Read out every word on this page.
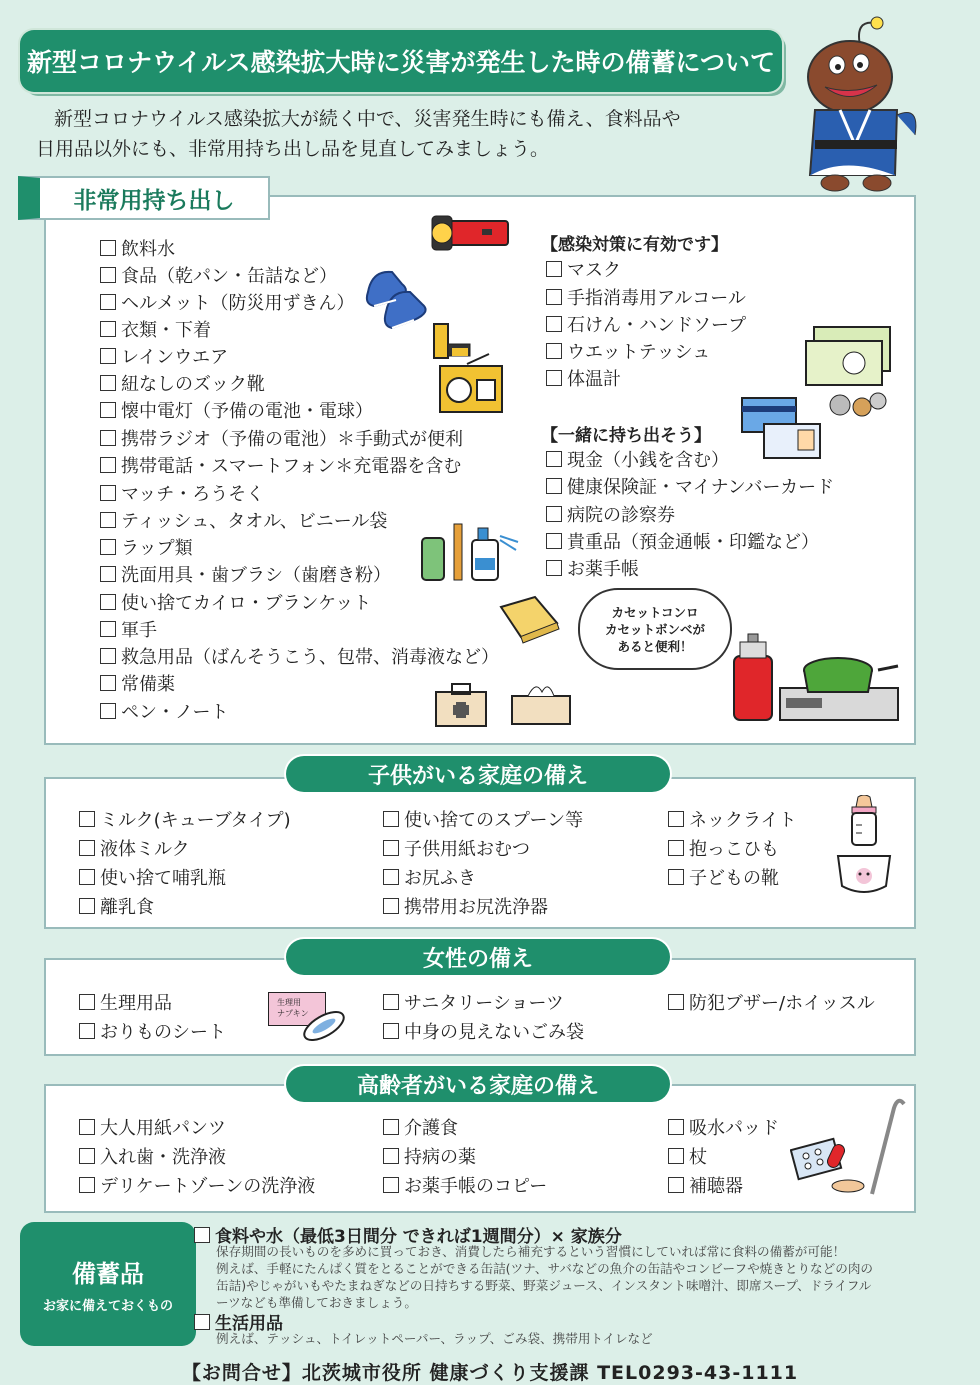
新型コロナウイルス感染拡大時に災害が発生した時の備蓄について
新型コロナウイルス感染拡大が続く中で、災害発生時にも備え、食料品や
日用品以外にも、非常用持ち出し品を見直してみましょう。
非常用持ち出し
飲料水
食品（乾パン・缶詰など）
ヘルメット（防災用ずきん）
衣類・下着
レインウエア
紐なしのズック靴
懐中電灯（予備の電池・電球）
携帯ラジオ（予備の電池）＊手動式が便利
携帯電話・スマートフォン＊充電器を含む
マッチ・ろうそく
ティッシュ、タオル、ビニール袋
ラップ類
洗面用具・歯ブラシ（歯磨き粉）
使い捨てカイロ・ブランケット
軍手
救急用品（ばんそうこう、包帯、消毒液など）
常備薬
ペン・ノート
【感染対策に有効です】
マスク
手指消毒用アルコール
石けん・ハンドソープ
ウエットテッシュ
体温計
【一緒に持ち出そう】
現金（小銭を含む）
健康保険証・マイナンバーカード
病院の診察券
貴重品（預金通帳・印鑑など）
お薬手帳
カセットコンロ
カセットボンベが
あると便利！
子供がいる家庭の備え
ミルク(キューブタイプ)
液体ミルク
使い捨て哺乳瓶
離乳食
使い捨てのスプーン等
子供用紙おむつ
お尻ふき
携帯用お尻洗浄器
ネックライト
抱っこひも
子どもの靴
女性の備え
生理用品
おりものシート
サニタリーショーツ
中身の見えないごみ袋
防犯ブザー/ホイッスル
生理用
ナプキン
高齢者がいる家庭の備え
大人用紙パンツ
入れ歯・洗浄液
デリケートゾーンの洗浄液
介護食
持病の薬
お薬手帳のコピー
吸水パッド
杖
補聴器
備蓄品
お家に備えておくもの
食料や水（最低3日間分 できれば1週間分）× 家族分
保存期間の長いものを多めに買っておき、消費したら補充するという習慣にしていれば常に食料の備蓄が可能！
例えば、手軽にたんぱく質をとることができる缶詰(ツナ、サバなどの魚介の缶詰やコンビーフや焼きとりなどの肉の
缶詰)やじゃがいもやたまねぎなどの日持ちする野菜、野菜ジュース、インスタント味噌汁、即席スープ、ドライフル
ーツなども準備しておきましょう。
生活用品
例えば、テッシュ、トイレットペーパー、ラップ、ごみ袋、携帯用トイレなど
【お問合せ】北茨城市役所 健康づくり支援課 TEL0293-43-1111
